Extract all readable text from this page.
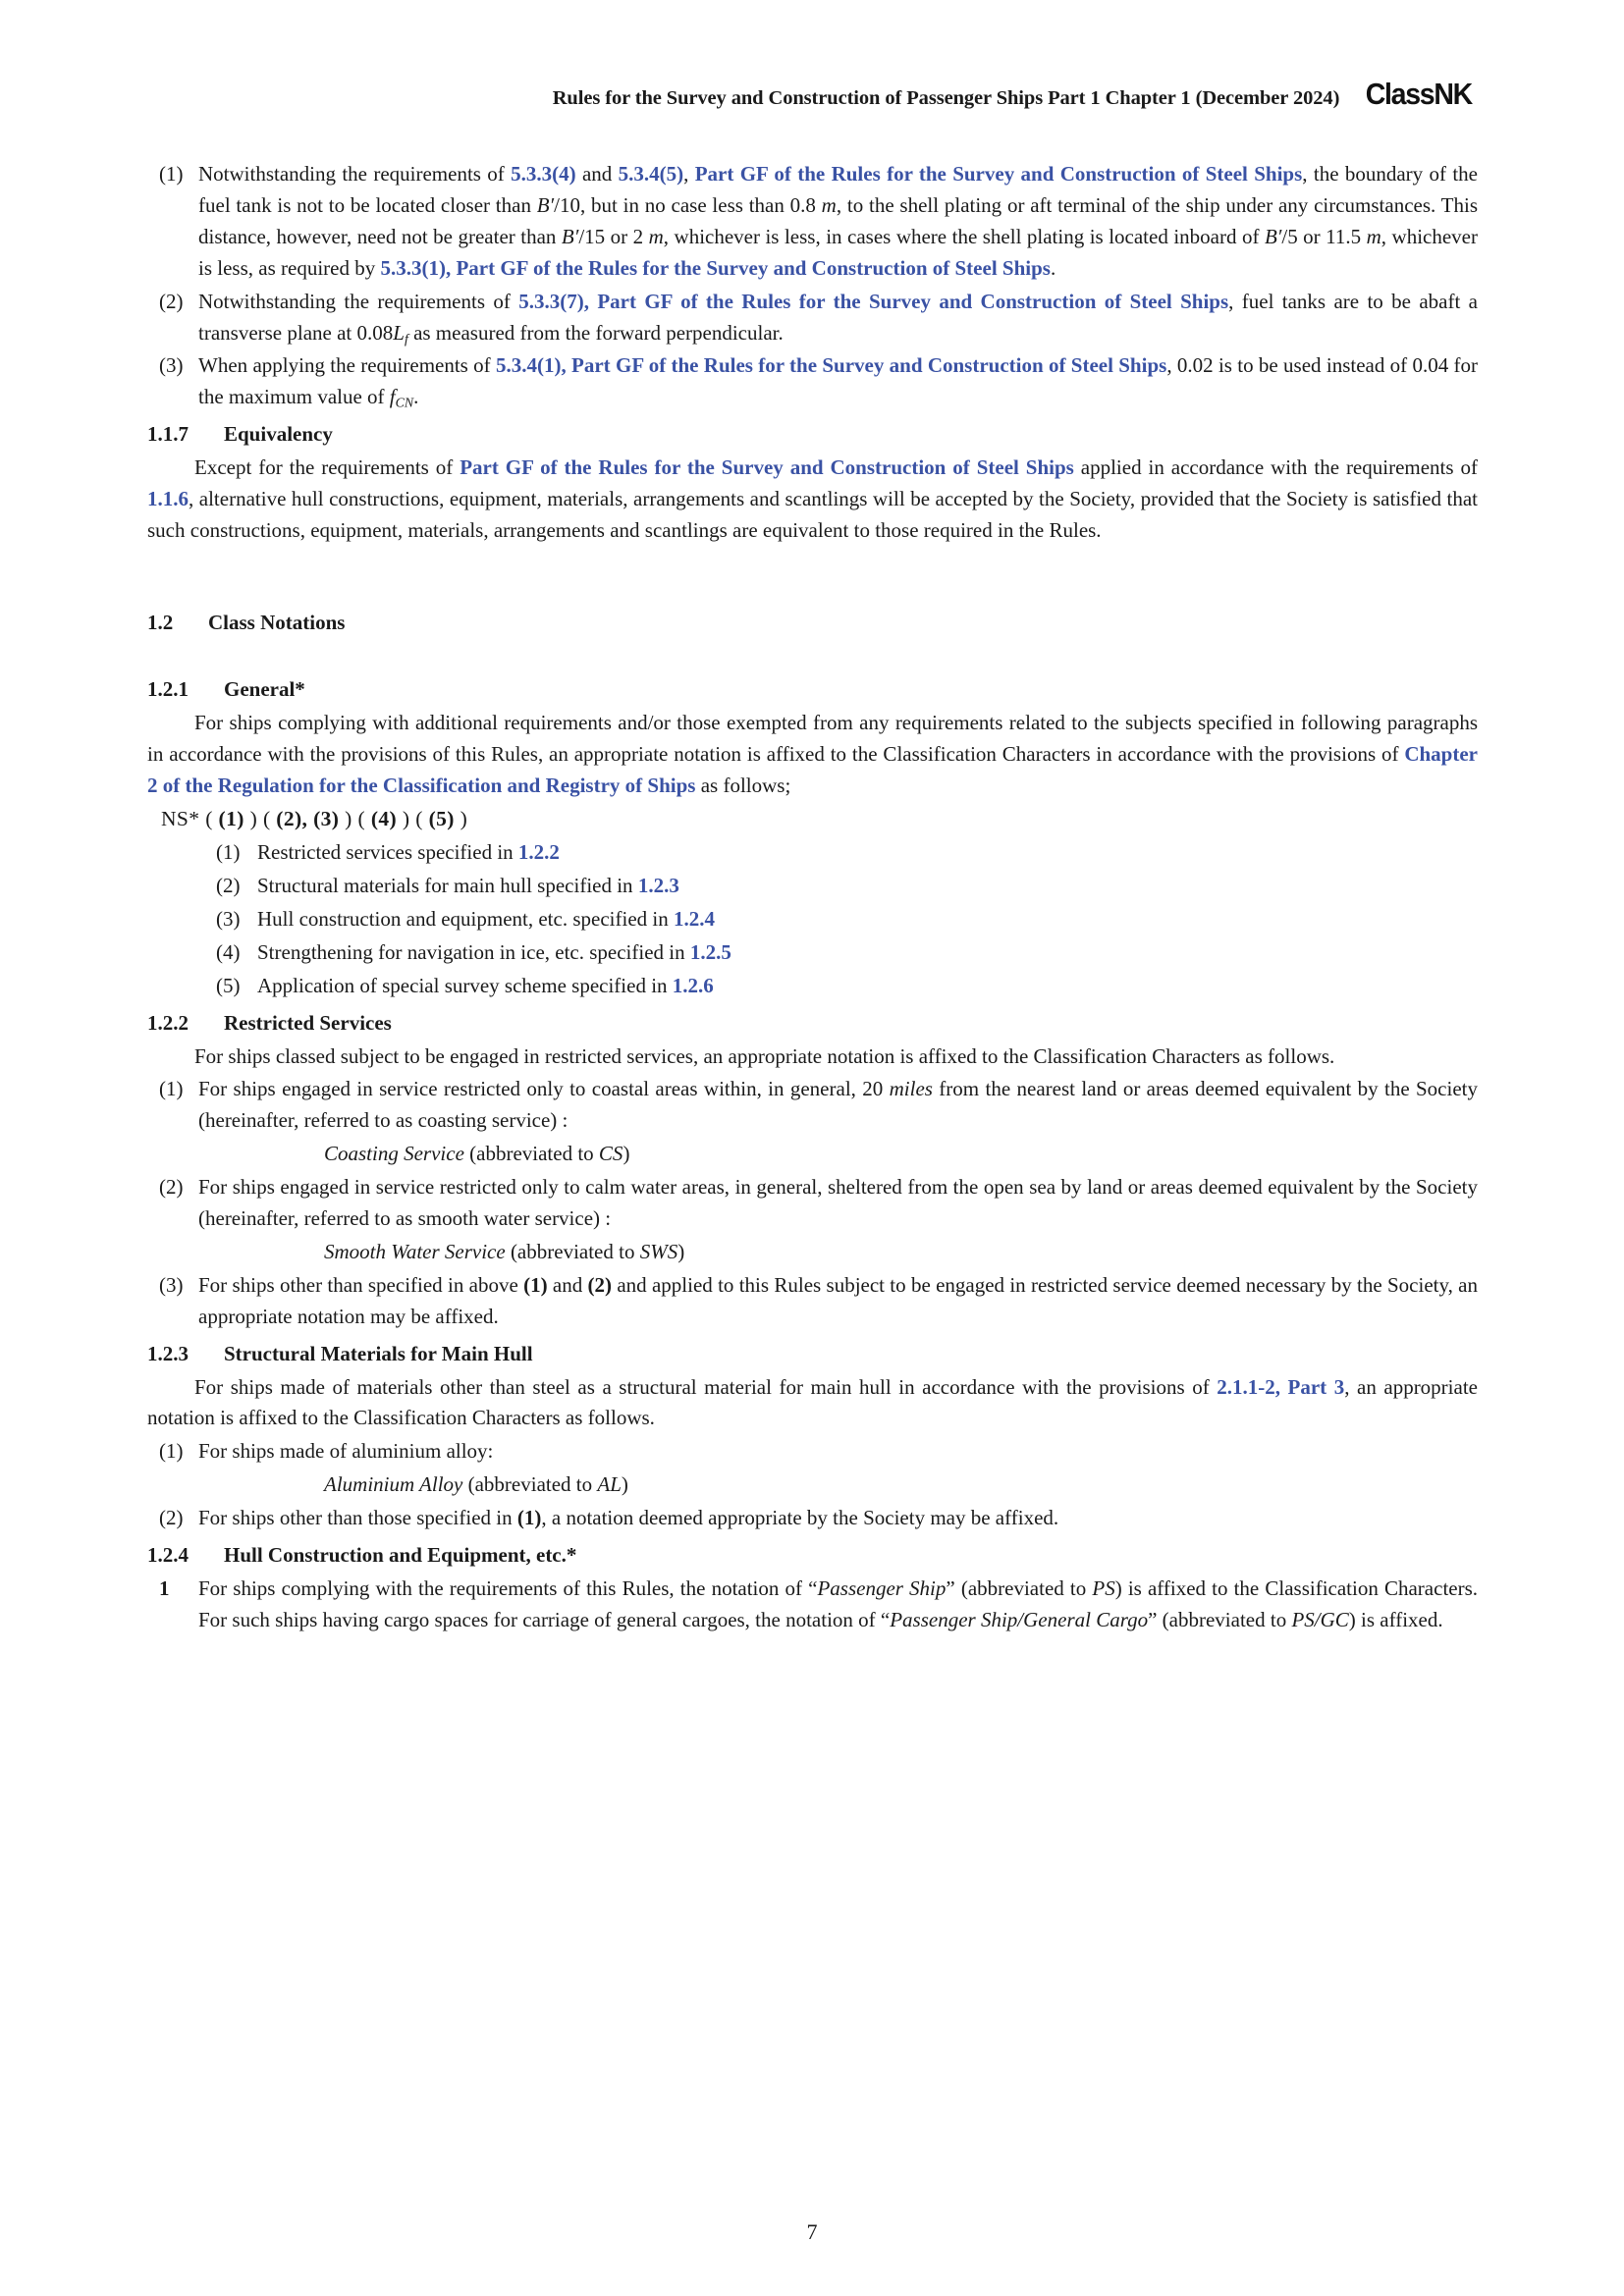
Rules for the Survey and Construction of Passenger Ships Part 1 Chapter 1 (December 2024) ClassNK
(1) Notwithstanding the requirements of 5.3.3(4) and 5.3.4(5), Part GF of the Rules for the Survey and Construction of Steel Ships, the boundary of the fuel tank is not to be located closer than B′/10, but in no case less than 0.8 m, to the shell plating or aft terminal of the ship under any circumstances. This distance, however, need not be greater than B′/15 or 2 m, whichever is less, in cases where the shell plating is located inboard of B′/5 or 11.5 m, whichever is less, as required by 5.3.3(1), Part GF of the Rules for the Survey and Construction of Steel Ships.
(2) Notwithstanding the requirements of 5.3.3(7), Part GF of the Rules for the Survey and Construction of Steel Ships, fuel tanks are to be abaft a transverse plane at $0.08L_f$ as measured from the forward perpendicular.
(3) When applying the requirements of 5.3.4(1), Part GF of the Rules for the Survey and Construction of Steel Ships, 0.02 is to be used instead of 0.04 for the maximum value of $f_{CN}$.
1.1.7	Equivalency

Except for the requirements of Part GF of the Rules for the Survey and Construction of Steel Ships applied in accordance with the requirements of 1.1.6, alternative hull constructions, equipment, materials, arrangements and scantlings will be accepted by the Society, provided that the Society is satisfied that such constructions, equipment, materials, arrangements and scantlings are equivalent to those required in the Rules.

1.2	Class Notations
1.2.1	General*

For ships complying with additional requirements and/or those exempted from any requirements related to the subjects specified in following paragraphs in accordance with the provisions of this Rules, an appropriate notation is affixed to the Classification Characters in accordance with the provisions of Chapter 2 of the Regulation for the Classification and Registry of Ships as follows;

NS* ( (1) ) ( (2), (3) ) ( (4) ) ( (5) )
(1) Restricted services specified in 1.2.2
(2) Structural materials for main hull specified in 1.2.3
(3) Hull construction and equipment, etc. specified in 1.2.4
(4) Strengthening for navigation in ice, etc. specified in 1.2.5
(5) Application of special survey scheme specified in 1.2.6
1.2.2	Restricted Services

For ships classed subject to be engaged in restricted services, an appropriate notation is affixed to the Classification Characters as follows.

(1) For ships engaged in service restricted only to coastal areas within, in general, 20 miles from the nearest land or areas deemed equivalent by the Society (hereinafter, referred to as coasting service) :
Coasting Service (abbreviated to CS)
(2) For ships engaged in service restricted only to calm water areas, in general, sheltered from the open sea by land or areas deemed equivalent by the Society (hereinafter, referred to as smooth water service) :
Smooth Water Service (abbreviated to SWS)
(3) For ships other than specified in above (1) and (2) and applied to this Rules subject to be engaged in restricted service deemed necessary by the Society, an appropriate notation may be affixed.
1.2.3	Structural Materials for Main Hull

For ships made of materials other than steel as a structural material for main hull in accordance with the provisions of 2.1.1-2, Part 3, an appropriate notation is affixed to the Classification Characters as follows.

(1) For ships made of aluminium alloy:
Aluminium Alloy (abbreviated to AL)
(2) For ships other than those specified in (1), a notation deemed appropriate by the Society may be affixed.
1.2.4	Hull Construction and Equipment, etc.*
1	For ships complying with the requirements of this Rules, the notation of “Passenger Ship” (abbreviated to PS) is affixed to the Classification Characters. For such ships having cargo spaces for carriage of general cargoes, the notation of “Passenger Ship/General Cargo” (abbreviated to PS/GC) is affixed.
7
